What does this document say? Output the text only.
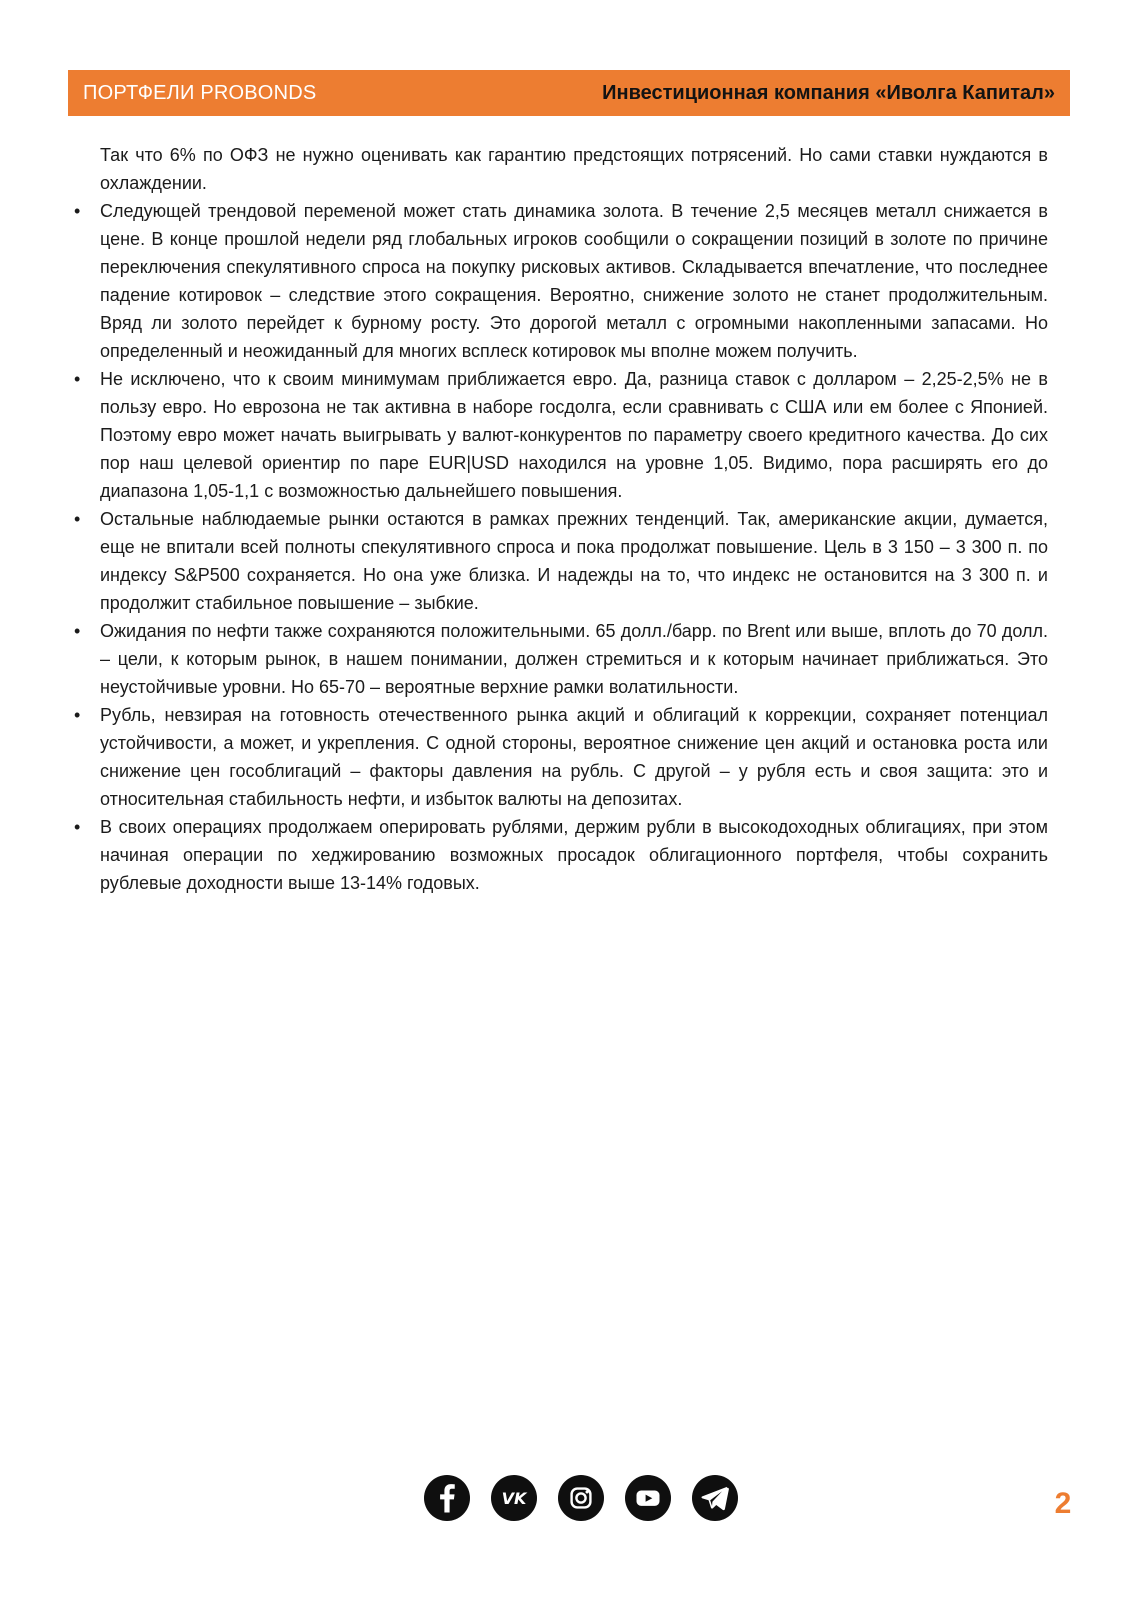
ПОРТФЕЛИ PROBONDS	Инвестиционная компания «Иволга Капитал»

Так что 6% по ОФЗ не нужно оценивать как гарантию предстоящих потрясений. Но сами ставки нуждаются в охлаждении.

• Следующей трендовой переменой может стать динамика золота. В течение 2,5 месяцев металл снижается в цене. В конце прошлой недели ряд глобальных игроков сообщили о сокращении позиций в золоте по причине переключения спекулятивного спроса на покупку рисковых активов. Складывается впечатление, что последнее падение котировок – следствие этого сокращения. Вероятно, снижение золото не станет продолжительным. Вряд ли золото перейдет к бурному росту. Это дорогой металл с огромными накопленными запасами. Но определенный и неожиданный для многих всплеск котировок мы вполне можем получить.
• Не исключено, что к своим минимумам приближается евро. Да, разница ставок с долларом – 2,25-2,5% не в пользу евро. Но еврозона не так активна в наборе госдолга, если сравнивать с США или ем более с Японией. Поэтому евро может начать выигрывать у валют-конкурентов по параметру своего кредитного качества. До сих пор наш целевой ориентир по паре EUR|USD находился на уровне 1,05. Видимо, пора расширять его до диапазона 1,05-1,1 с возможностью дальнейшего повышения.
• Остальные наблюдаемые рынки остаются в рамках прежних тенденций. Так, американские акции, думается, еще не впитали всей полноты спекулятивного спроса и пока продолжат повышение. Цель в 3 150 – 3 300 п. по индексу S&P500 сохраняется. Но она уже близка. И надежды на то, что индекс не остановится на 3 300 п. и продолжит стабильное повышение – зыбкие.
• Ожидания по нефти также сохраняются положительными. 65 долл./барр. по Brent или выше, вплоть до 70 долл. – цели, к которым рынок, в нашем понимании, должен стремиться и к которым начинает приближаться. Это неустойчивые уровни. Но 65-70 – вероятные верхние рамки волатильности.
• Рубль, невзирая на готовность отечественного рынка акций и облигаций к коррекции, сохраняет потенциал устойчивости, а может, и укрепления. С одной стороны, вероятное снижение цен акций и остановка роста или снижение цен гособлигаций – факторы давления на рубль. С другой – у рубля есть и своя защита: это и относительная стабильность нефти, и избыток валюты на депозитах.
• В своих операциях продолжаем оперировать рублями, держим рубли в высокодоходных облигациях, при этом начиная операции по хеджированию возможных просадок облигационного портфеля, чтобы сохранить рублевые доходности выше 13-14% годовых.
VK	2
